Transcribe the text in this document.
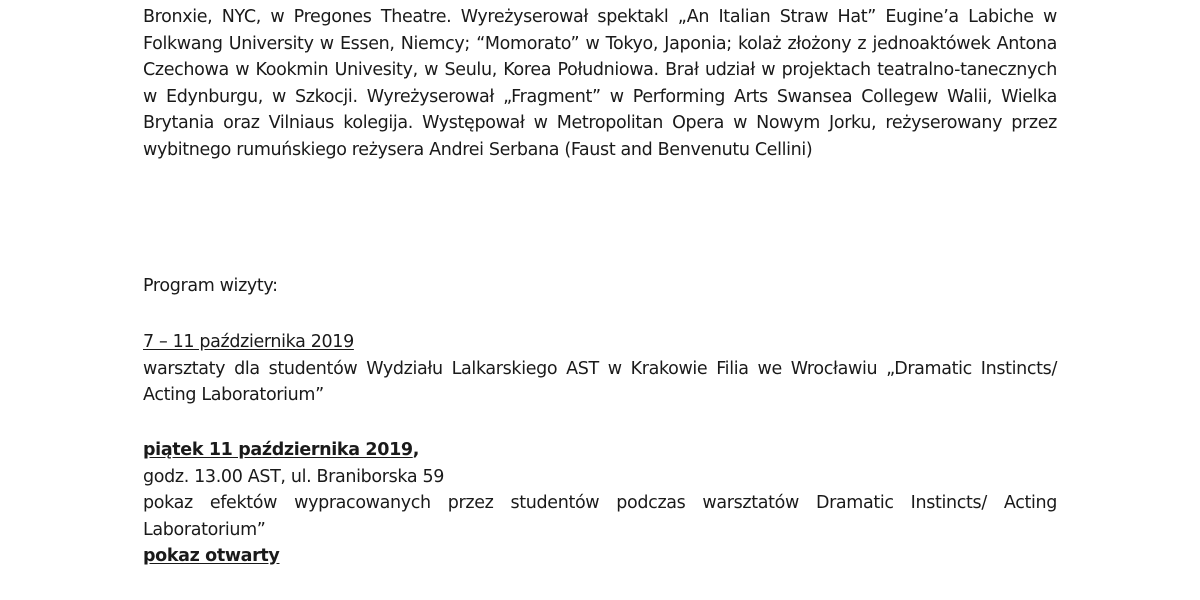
Bronxie, NYC, w Pregones Theatre. Wyreżyserował spektakl „An Italian Straw Hat” Eugine’a Labiche w Folkwang University w Essen, Niemcy; “Momorato” w Tokyo, Japonia; kolaż złożony z jednoaktówek Antona Czechowa w Kookmin Univesity, w Seulu, Korea Południowa. Brał udział w projektach teatralno-tanecznych w Edynburgu, w Szkocji. Wyreżyserował „Fragment” w Performing Arts Swansea Collegew Walii, Wielka Brytania oraz Vilniaus kolegija. Występował w Metropolitan Opera w Nowym Jorku, reżyserowany przez wybitnego rumuńskiego reżysera Andrei Serbana (Faust and Benvenutu Cellini)

Program wizyty:

7 – 11 października 2019

warsztaty dla studentów Wydziału Lalkarskiego AST w Krakowie Filia we Wrocławiu „Dramatic Instincts/ Acting Laboratorium”

piątek 11 października 2019,
godz. 13.00 AST, ul. Braniborska 59

pokaz efektów wypracowanych przez studentów podczas warsztatów Dramatic Instincts/ Acting Laboratorium”

pokaz otwarty
